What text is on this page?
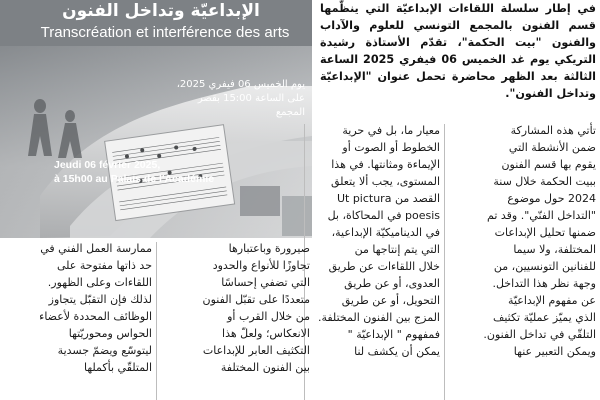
الإبداعيّة وتداخل الفنون
Transcréation et interférence des arts
يوم الخميس 06 فيفري 2025،
على الساعة 15:00 بقصر المجمع
Jeudi 06 février 2025,
à 15h00 au Palais de l'Académie
في إطار سلسلة اللقاءات الإبداعيّة التي ينظّمها قسم الفنون بالمجمع التونسي للعلوم والآداب والفنون "بيت الحكمة"، تقدّم الأستاذة رشيدة التريكي يوم غد الخميس 06 فيفري 2025 الساعة الثالثة بعد الظهر محاضرة تحمل عنوان "الإبداعيّة وتداخل الفنون".
تأتي هذه المشاركة
ضمن الأنشطة التي
يقوم بها قسم الفنون
ببيت الحكمة خلال سنة
2024 حول موضوع
"التداخل الفنّي". وقد تم
ضمنها تحليل الإبداعات
المختلفة، ولا سيما
للفنانين التونسيين، من
وجهة نظر هذا التداخل.
عن مفهوم الإبداعيّة
الذي يميّز عمليّة تكثيف
التلقّي في تداخل الفنون.
ويمكن التعبير عنها
معيار ما، بل في حرية
الخطوط أو الصوت أو
الإيماءة ومثانتها. في هذا
المستوى، يجب ألا يتعلق
القصد من Ut pictura
poesis في المحاكاة، بل
في الديناميكيّة الإبداعية،
التي يتم إنتاجها من
خلال اللقاءات عن طريق
العدوى، أو عن طريق
التحويل، أو عن طريق
المزج بين الفنون المختلفة.
فمفهوم " الإبداعيّة "
يمكن أن يكشف لنا
صيرورة وباعتبارها
تجاوزًا للأنواع والحدود
التي تضفي إحساسًا
متعددًا على تقبّل الفنون
من خلال القرب أو
الانعكاس؛ ولعلّ هذا
التكثيف العابر للإبداعات
بين الفنون المختلفة
ممارسة العمل الفني في
حد ذاتها مفتوحة على
اللقاءات وعلى الظهور.
لذلك فإن التقبّل يتجاوز
الوظائف المحددة لأعضاء
الحواس ومحوريّتها
ليتوسّع ويضمّ جسدية
المتلقّي بأكملها
